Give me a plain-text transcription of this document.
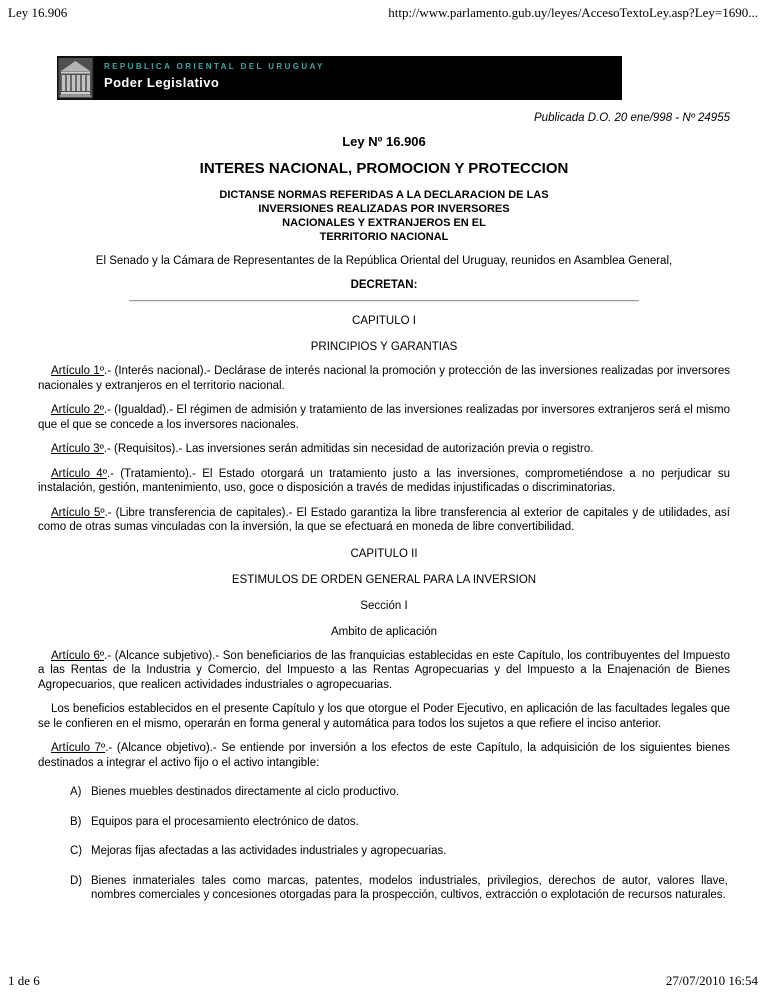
Ley 16.906	http://www.parlamento.gub.uy/leyes/AccesoTextoLey.asp?Ley=1690...
REPUBLICA ORIENTAL DEL URUGUAY
Poder Legislativo
Publicada D.O. 20 ene/998 - Nº 24955
Ley Nº 16.906
INTERES NACIONAL, PROMOCION Y PROTECCION
DICTANSE NORMAS REFERIDAS A LA DECLARACION DE LAS
INVERSIONES REALIZADAS POR INVERSORES
NACIONALES Y EXTRANJEROS EN EL
TERRITORIO NACIONAL
El Senado y la Cámara de Representantes de la República Oriental del Uruguay, reunidos en Asamblea General,
DECRETAN:
CAPITULO I
PRINCIPIOS Y GARANTIAS

Artículo 1º.- (Interés nacional).- Declárase de interés nacional la promoción y protección de las inversiones realizadas por inversores nacionales y extranjeros en el territorio nacional.

Artículo 2º.- (Igualdad).- El régimen de admisión y tratamiento de las inversiones realizadas por inversores extranjeros será el mismo que el que se concede a los inversores nacionales.

Artículo 3º.- (Requisitos).- Las inversiones serán admitidas sin necesidad de autorización previa o registro.

Artículo 4º.- (Tratamiento).- El Estado otorgará un tratamiento justo a las inversiones, comprometiéndose a no perjudicar su instalación, gestión, mantenimiento, uso, goce o disposición a través de medidas injustificadas o discriminatorias.

Artículo 5º.- (Libre transferencia de capitales).- El Estado garantiza la libre transferencia al exterior de capitales y de utilidades, así como de otras sumas vinculadas con la inversión, la que se efectuará en moneda de libre convertibilidad.

CAPITULO II
ESTIMULOS DE ORDEN GENERAL PARA LA INVERSION
Sección I
Ambito de aplicación

Artículo 6º.- (Alcance subjetivo).- Son beneficiarios de las franquicias establecidas en este Capítulo, los contribuyentes del Impuesto a las Rentas de la Industria y Comercio, del Impuesto a las Rentas Agropecuarias y del Impuesto a la Enajenación de Bienes Agropecuarios, que realicen actividades industriales o agropecuarias.

Los beneficios establecidos en el presente Capítulo y los que otorgue el Poder Ejecutivo, en aplicación de las facultades legales que se le confieren en el mismo, operarán en forma general y automática para todos los sujetos a que refiere el inciso anterior.

Artículo 7º.- (Alcance objetivo).- Se entiende por inversión a los efectos de este Capítulo, la adquisición de los siguientes bienes destinados a integrar el activo fijo o el activo intangible:

A) Bienes muebles destinados directamente al ciclo productivo.
B) Equipos para el procesamiento electrónico de datos.
C) Mejoras fijas afectadas a las actividades industriales y agropecuarias.
D) Bienes inmateriales tales como marcas, patentes, modelos industriales, privilegios, derechos de autor, valores llave, nombres comerciales y concesiones otorgadas para la prospección, cultivos, extracción o explotación de recursos naturales.
1 de 6	27/07/2010 16:54
